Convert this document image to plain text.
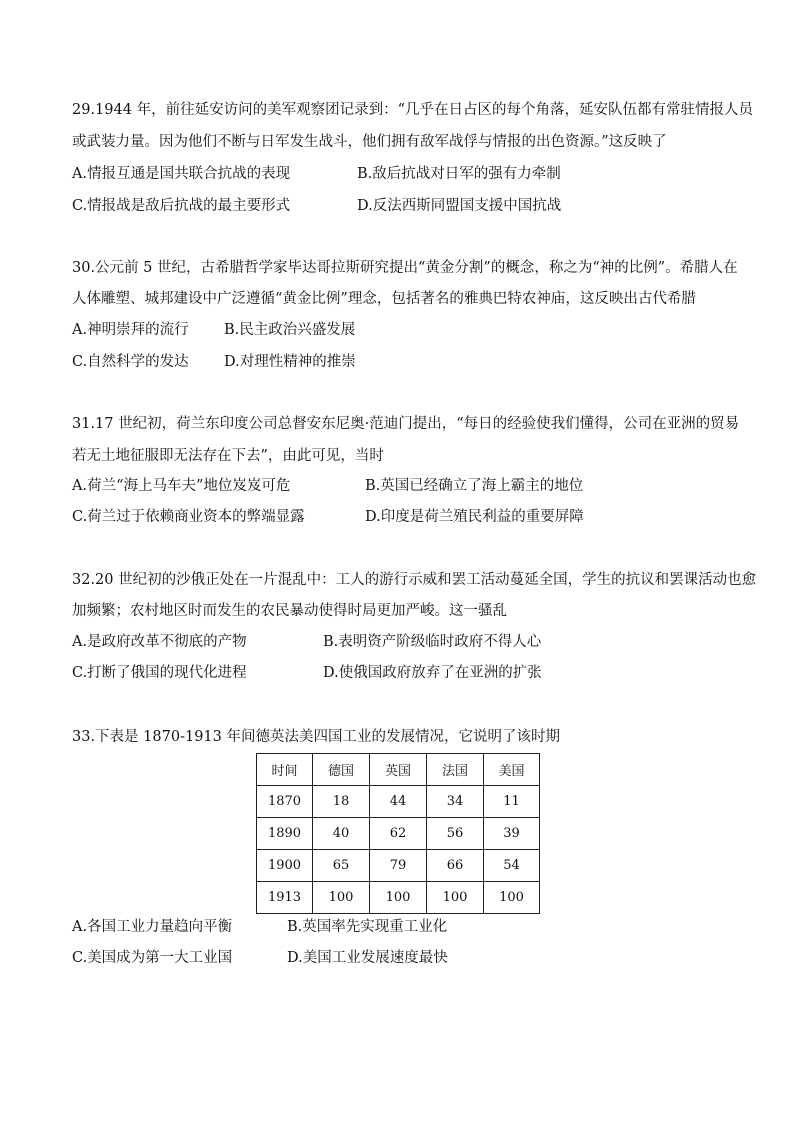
29.1944 年，前往延安访问的美军观察团记录到：“几乎在日占区的每个角落，延安队伍都有常驻情报人员
或武装力量。因为他们不断与日军发生战斗，他们拥有敌军战俘与情报的出色资源。”这反映了
A.情报互通是国共联合抗战的表现	B.敌后抗战对日军的强有力牵制
C.情报战是敌后抗战的最主要形式	D.反法西斯同盟国支援中国抗战
30.公元前 5 世纪，古希腊哲学家毕达哥拉斯研究提出“黄金分割”的概念，称之为“神的比例”。希腊人在
人体雕塑、城邦建设中广泛遵循“黄金比例”理念，包括著名的雅典巴特农神庙，这反映出古代希腊
A.神明崇拜的流行 B.民主政治兴盛发展
C.自然科学的发达 D.对理性精神的推崇
31.17 世纪初，荷兰东印度公司总督安东尼奥·范迪门提出，“每日的经验使我们懂得，公司在亚洲的贸易
若无土地征服即无法存在下去”，由此可见，当时
A.荷兰“海上马车夫”地位岌岌可危	B.英国已经确立了海上霸主的地位
C.荷兰过于依赖商业资本的弊端显露	D.印度是荷兰殖民利益的重要屏障
32.20 世纪初的沙俄正处在一片混乱中：工人的游行示威和罢工活动蔓延全国，学生的抗议和罢课活动也愈
加频繁；农村地区时而发生的农民暴动使得时局更加严峻。这一骚乱
A.是政府改革不彻底的产物	B.表明资产阶级临时政府不得人心
C.打断了俄国的现代化进程	D.使俄国政府放弃了在亚洲的扩张
33.下表是 1870-1913 年间德英法美四国工业的发展情况，它说明了该时期
时间	德国	英国	法国	美国
1870	18	44	34	11
1890	40	62	56	39
1900	65	79	66	54
1913	100	100	100	100
A.各国工业力量趋向平衡	B.英国率先实现重工业化
C.美国成为第一大工业国	D.美国工业发展速度最快
